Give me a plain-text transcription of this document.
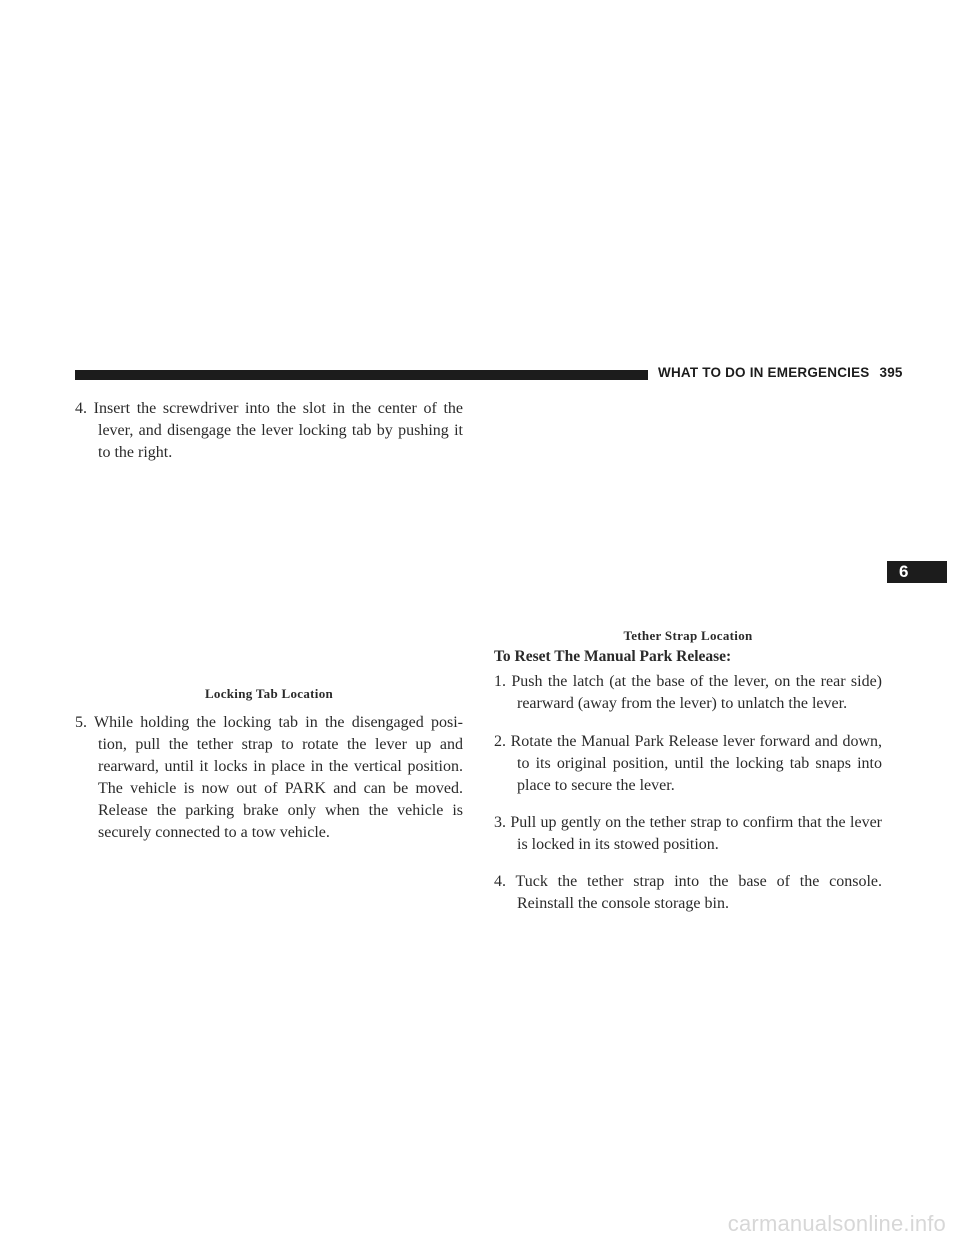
WHAT TO DO IN EMERGENCIES 395
6
4. Insert the screwdriver into the slot in the center of the lever, and disengage the lever locking tab by pushing it to the right.
Locking Tab Location
5. While holding the locking tab in the disengaged posi- tion, pull the tether strap to rotate the lever up and rearward, until it locks in place in the vertical position. The vehicle is now out of PARK and can be moved. Release the parking brake only when the vehicle is securely connected to a tow vehicle.
Tether Strap Location
To Reset The Manual Park Release:
1. Push the latch (at the base of the lever, on the rear side) rearward (away from the lever) to unlatch the lever.
2. Rotate the Manual Park Release lever forward and down, to its original position, until the locking tab snaps into place to secure the lever.
3. Pull up gently on the tether strap to confirm that the lever is locked in its stowed position.
4. Tuck the tether strap into the base of the console. Reinstall the console storage bin.
carmanualsonline.info
